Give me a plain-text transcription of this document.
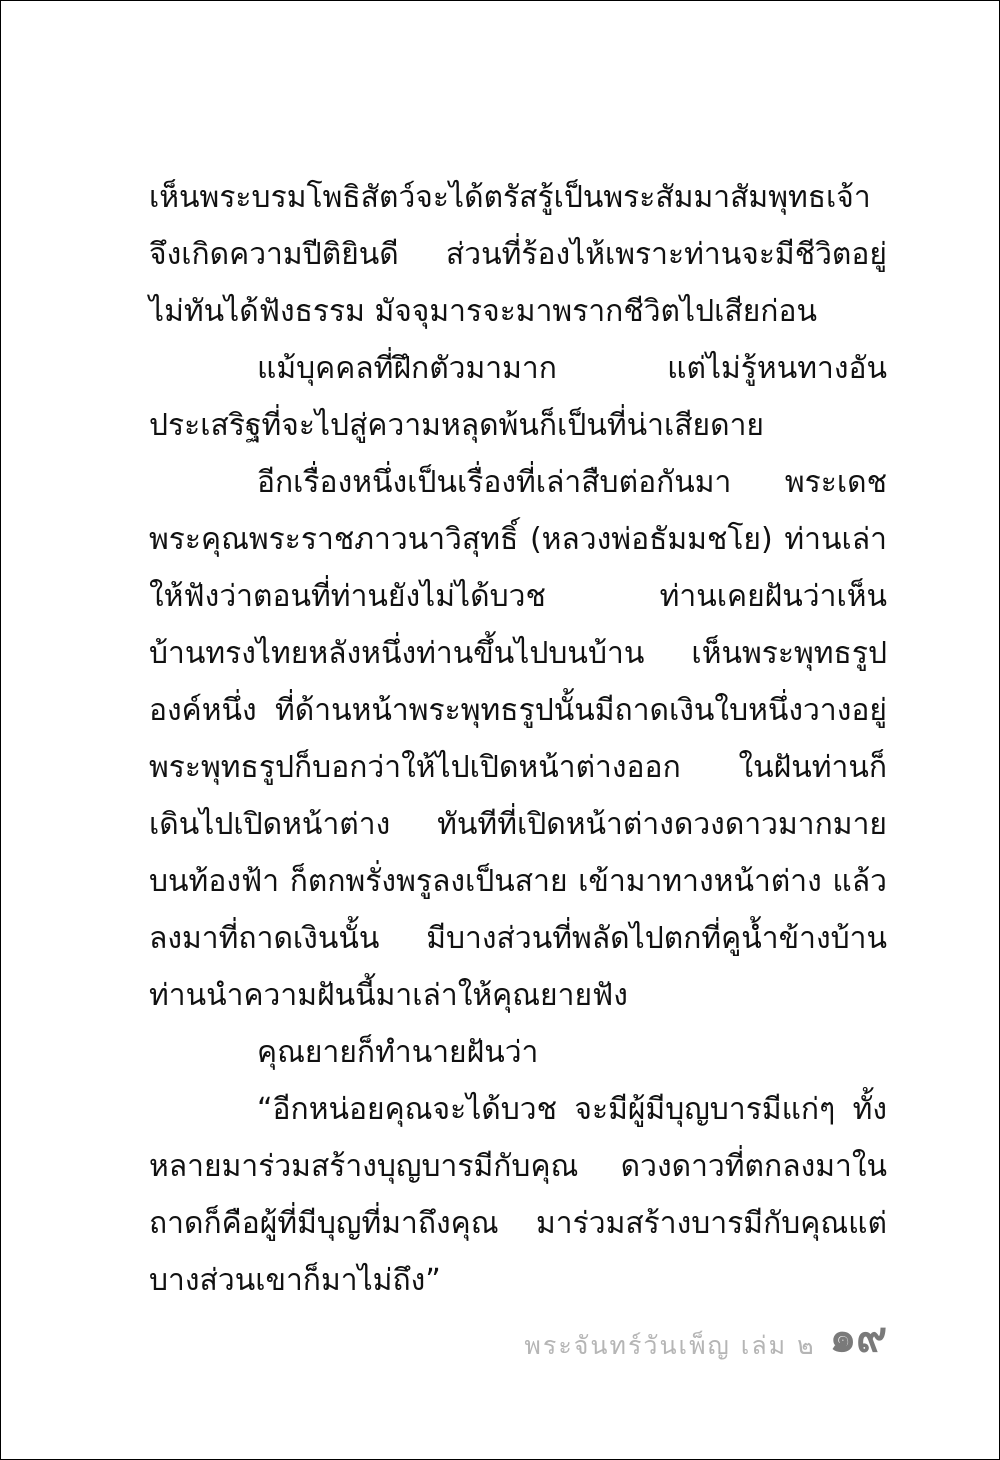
เห็นพระบรมโพธิสัตว์จะได้ตรัสรู้เป็นพระสัมมาสัมพุทธเจ้าจึงเกิดความปีติยินดี ส่วนที่ร้องไห้เพราะท่านจะมีชีวิตอยู่ไม่ทันได้ฟังธรรม มัจจุมารจะมาพรากชีวิตไปเสียก่อน

แม้บุคคลที่ฝึกตัวมามาก แต่ไม่รู้หนทางอันประเสริฐที่จะไปสู่ความหลุดพ้นก็เป็นที่น่าเสียดาย

อีกเรื่องหนึ่งเป็นเรื่องที่เล่าสืบต่อกันมา พระเดชพระคุณพระราชภาวนาวิสุทธิ์ (หลวงพ่อธัมมชโย) ท่านเล่าให้ฟังว่าตอนที่ท่านยังไม่ได้บวช ท่านเคยฝันว่าเห็นบ้านทรงไทยหลังหนึ่งท่านขึ้นไปบนบ้าน เห็นพระพุทธรูปองค์หนึ่ง ที่ด้านหน้าพระพุทธรูปนั้นมีถาดเงินใบหนึ่งวางอยู่ พระพุทธรูปก็บอกว่าให้ไปเปิดหน้าต่างออก ในฝันท่านก็เดินไปเปิดหน้าต่าง ทันทีที่เปิดหน้าต่างดวงดาวมากมายบนท้องฟ้า ก็ตกพรั่งพรูลงเป็นสาย เข้ามาทางหน้าต่าง แล้วลงมาที่ถาดเงินนั้น มีบางส่วนที่พลัดไปตกที่คูน้ำข้างบ้าน ท่านนำความฝันนี้มาเล่าให้คุณยายฟัง

คุณยายก็ทำนายฝันว่า

“อีกหน่อยคุณจะได้บวช จะมีผู้มีบุญบารมีแก่ๆ ทั้งหลายมาร่วมสร้างบุญบารมีกับคุณ ดวงดาวที่ตกลงมาในถาดก็คือผู้ที่มีบุญที่มาถึงคุณ มาร่วมสร้างบารมีกับคุณแต่บางส่วนเขาก็มาไม่ถึง”

พระจันทร์วันเพ็ญ เล่ม ๒ ๑๙
